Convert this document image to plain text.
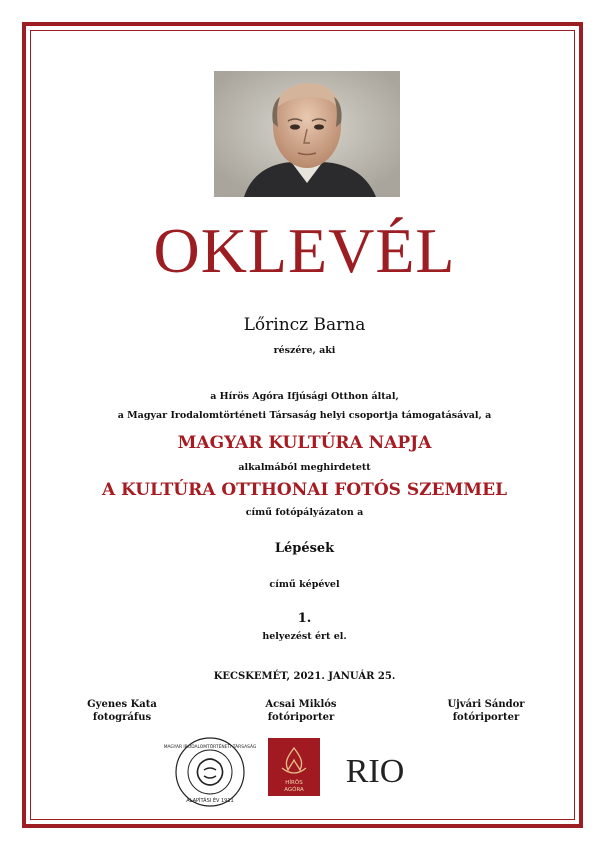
OKLEVÉL
Lőrincz Barna
részére, aki
a Hírös Agóra Ifjúsági Otthon által,
a Magyar Irodalomtörténeti Társaság helyi csoportja támogatásával, a
MAGYAR KULTÚRA NAPJA
alkalmából meghirdetett
A KULTÚRA OTTHONAI FOTÓS SZEMMEL
című fotópályázaton a
Lépések
című képével
1.
helyezést ért el.
KECSKEMÉT, 2021. JANUÁR 25.
Gyenes Kata
fotográfus
Acsai Miklós
fotóriporter
Ujvári Sándor
fotóriporter
MAGYAR IRODALOMTÖRTÉNETI TÁRSASÁG
ALAPÍTÁSI ÉV 1911
HÍRÖS
AGÓRA RIO
